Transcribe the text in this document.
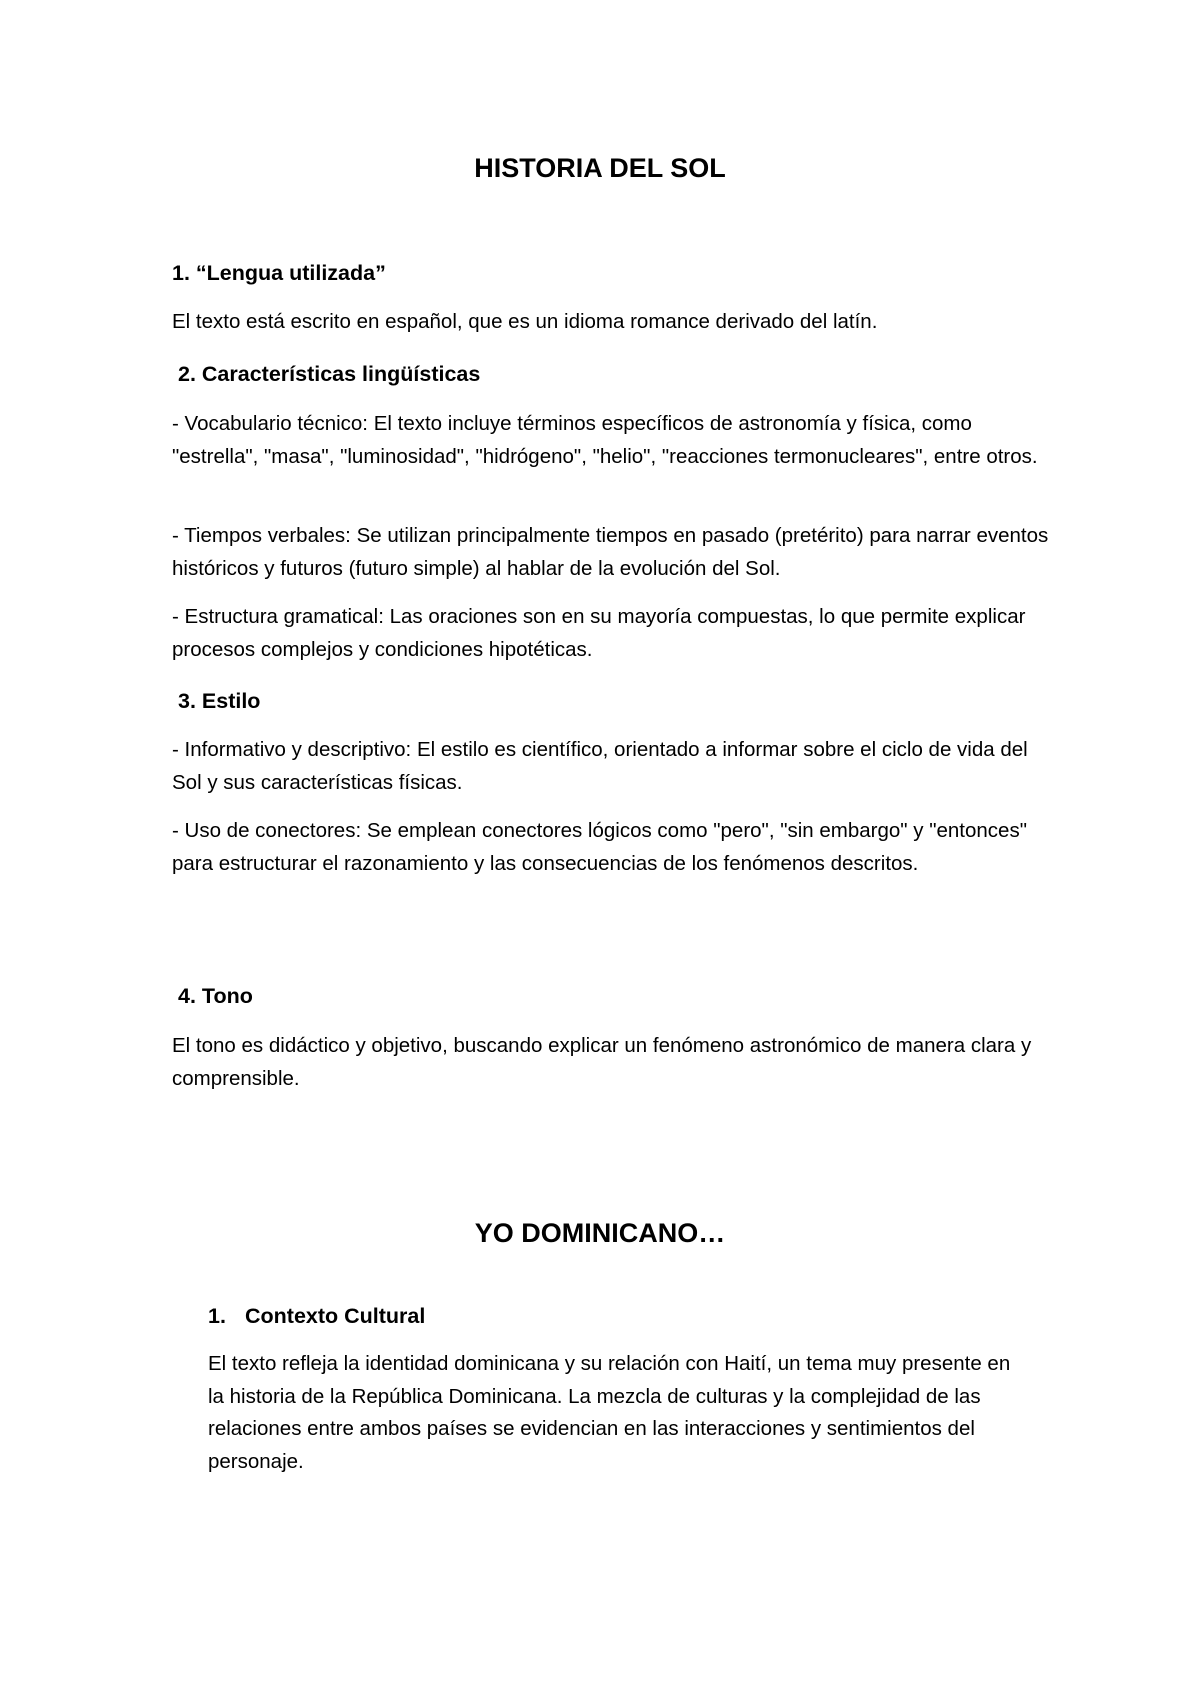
HISTORIA DEL SOL
1. “Lengua utilizada”

El texto está escrito en español, que es un idioma romance derivado del latín.

2. Características lingüísticas

- Vocabulario técnico: El texto incluye términos específicos de astronomía y física, como "estrella", "masa", "luminosidad", "hidrógeno", "helio", "reacciones termonucleares", entre otros.

- Tiempos verbales: Se utilizan principalmente tiempos en pasado (pretérito) para narrar eventos históricos y futuros (futuro simple) al hablar de la evolución del Sol.

- Estructura gramatical: Las oraciones son en su mayoría compuestas, lo que permite explicar procesos complejos y condiciones hipotéticas.

3. Estilo

- Informativo y descriptivo: El estilo es científico, orientado a informar sobre el ciclo de vida del Sol y sus características físicas.

- Uso de conectores: Se emplean conectores lógicos como "pero", "sin embargo" y "entonces" para estructurar el razonamiento y las consecuencias de los fenómenos descritos.

4. Tono

El tono es didáctico y objetivo, buscando explicar un fenómeno astronómico de manera clara y comprensible.

YO DOMINICANO…
1. Contexto Cultural

El texto refleja la identidad dominicana y su relación con Haití, un tema muy presente en la historia de la República Dominicana. La mezcla de culturas y la complejidad de las relaciones entre ambos países se evidencian en las interacciones y sentimientos del personaje.
